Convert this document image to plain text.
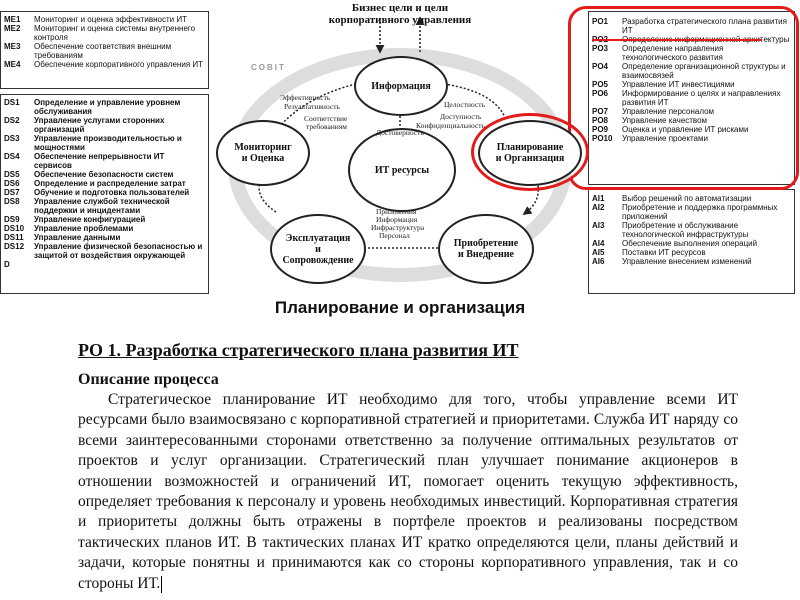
ME1	Мониторинг и оценка эффективности ИТ
ME2	Мониторинг и оценка системы внутреннего контроля
ME3	Обеспечение соответствия внешним требованиям
ME4	Обеспечение корпоративного управления ИТ
DS1	Определение и управление уровнем обслуживания
DS2	Управление услугами сторонних организаций
DS3	Управление производительностью и мощностями
DS4	Обеспечение непрерывности ИТ сервисов
DS5	Обеспечение безопасности систем
DS6	Определение и распределение затрат
DS7	Обучение и подготовка пользователей
DS8	Управление службой технической поддержки и инцидентами
DS9	Управление конфигурацией
DS10	Управление проблемами
DS11	Управление данными
DS12	Управление физической безопасностью и защитой от воздействия окружающей
D
PO1	Разработка стратегического плана развития ИТ
PO2	Определение информационной архитектуры
PO3	Определение направления технологического развития
PO4	Определение организационной структуры и взаимосвязей
PO5	Управление ИТ инвестициями
PO6	Информирование о целях и направлениях развития ИТ
PO7	Управление персоналом
PO8	Управление качеством
PO9	Оценка и управление ИТ рисками
PO10	Управление проектами
AI1	Выбор решений по автоматизации
AI2	Приобретение и поддержка программных приложений
AI3	Приобретение и обслуживание технологической инфраструктуры
AI4	Обеспечение выполнения операций
AI5	Поставки ИТ ресурсов
AI6	Управление внесением изменений
Бизнес цели и цели
корпоративного управления
COBIT
Информация
ИТ ресурсы
Планирование
и Организация
Мониторинг
и Оценка
Эксплуатация
и
Сопровождение
Приобретение
и Внедрение
Эффективность
Результативность
Соответствие
требованиям
Достоверность
Целостность
Доступность
Конфиденциальность
Приложения
Информация
Инфраструктура
Персонал
Планирование и организация
PO 1. Разработка стратегического плана развития ИТ
Описание процесса
Стратегическое планирование ИТ необходимо для того, чтобы управление всеми ИТ ресурсами было взаимосвязано с корпоративной стратегией и приоритетами. Служба ИТ наряду со всеми заинтересованными сторонами ответственно за получение оптимальных результатов от проектов и услуг организации. Стратегический план улучшает понимание акционеров в отношении возможностей и ограничений ИТ, помогает оценить текущую эффективность, определяет требования к персоналу и уровень необходимых инвестиций. Корпоративная стратегия и приоритеты должны быть отражены в портфеле проектов и реализованы посредством тактических планов ИТ. В тактических планах ИТ кратко определяются цели, планы действий и задачи, которые понятны и принимаются как со стороны корпоративного управления, так и со стороны ИТ.
